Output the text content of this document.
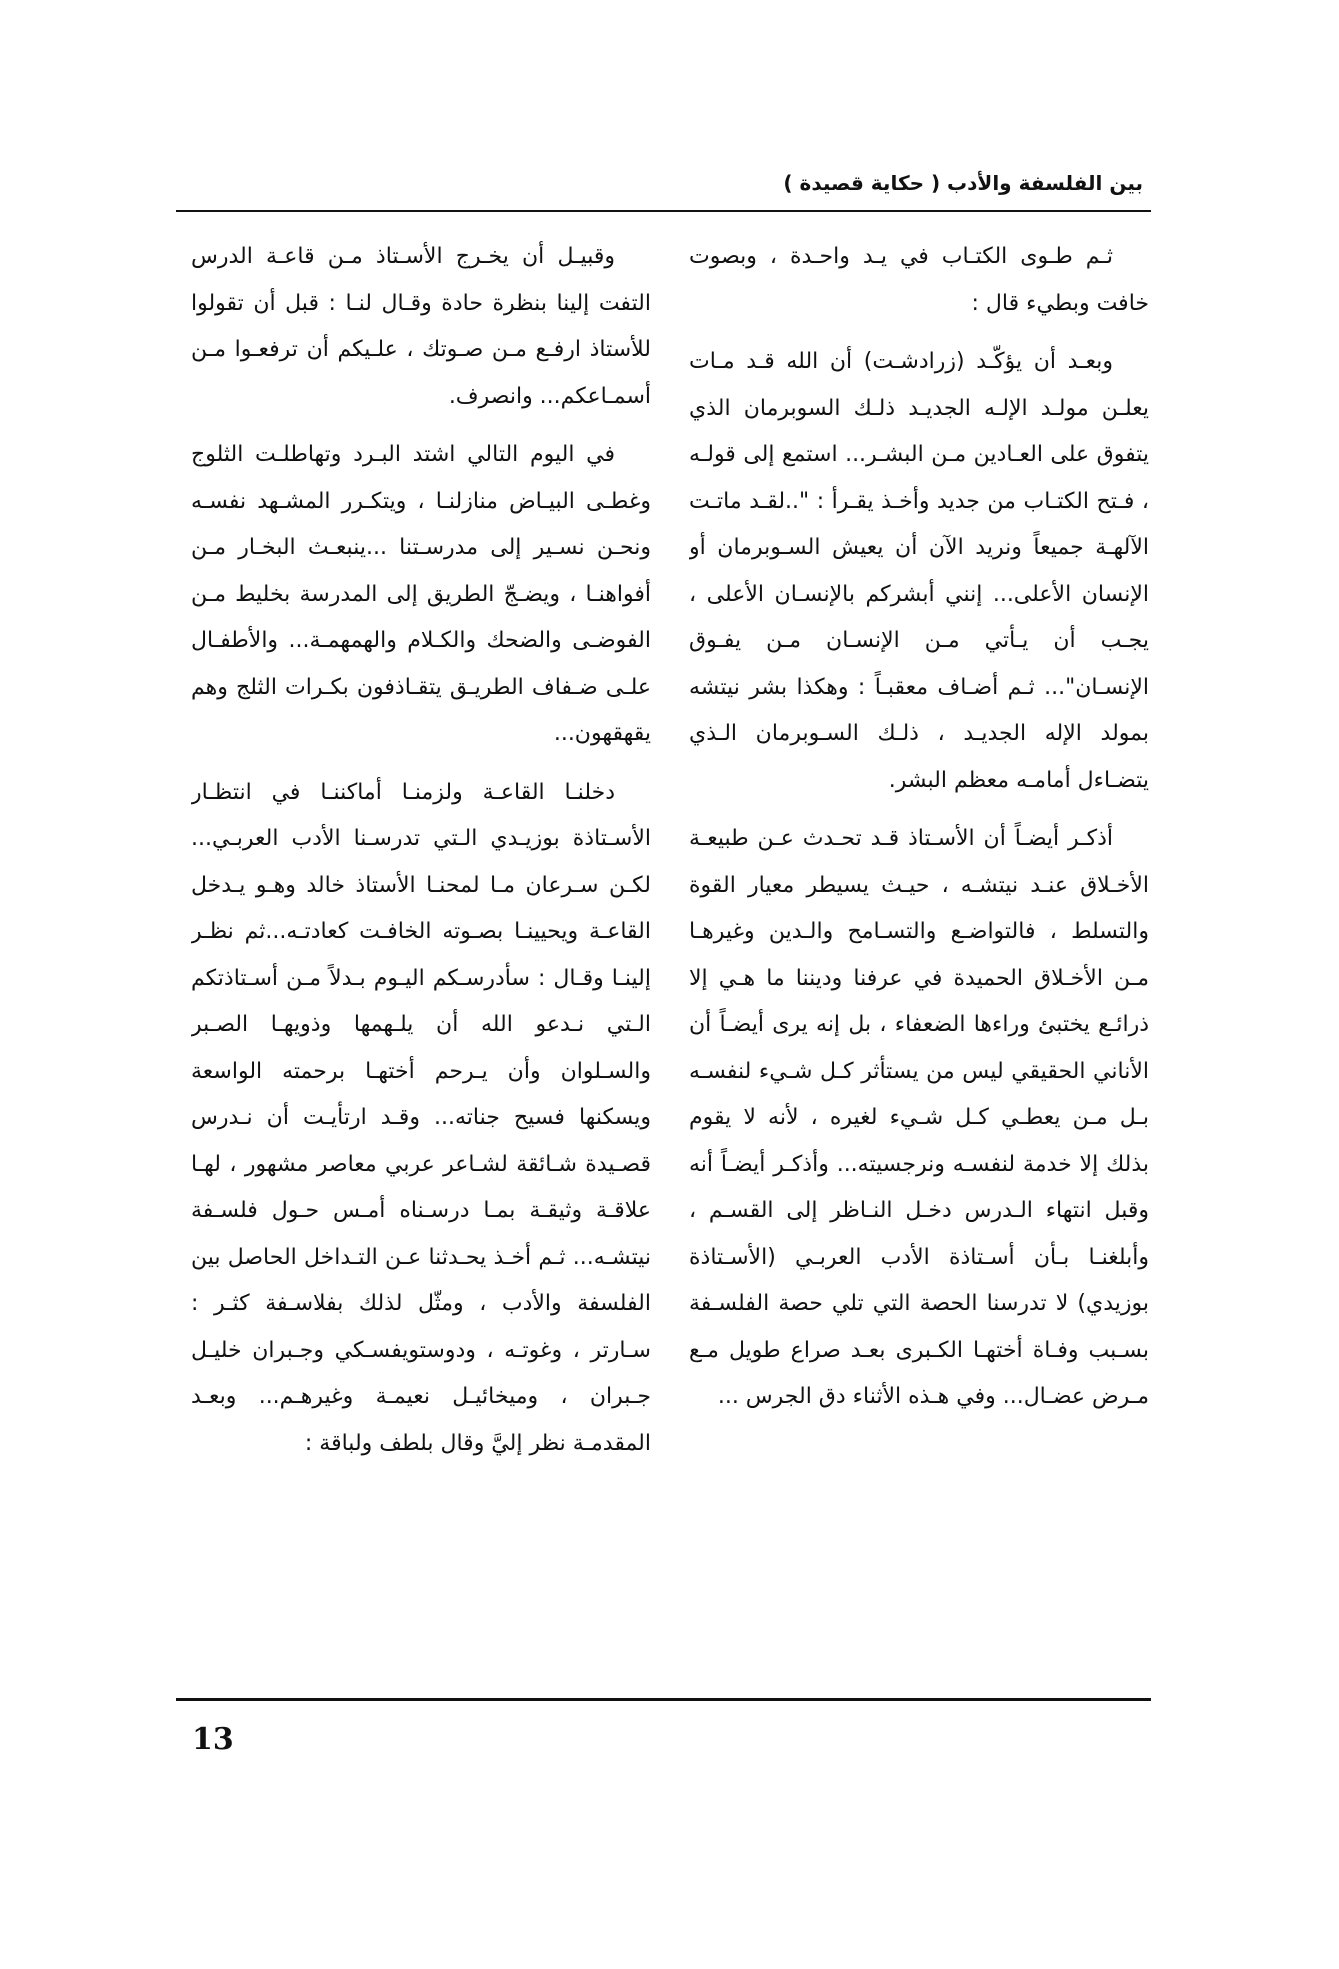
بين الفلسفة والأدب ( حكاية قصيدة )

ثـم طـوى الكتـاب في يـد واحـدة ، وبصوت خافت وبطيء قال :

وبعـد أن يؤكّـد (زرادشـت) أن الله قـد مـات يعلـن مولـد الإلـه الجديـد ذلـك السوبرمان الذي يتفوق على العـادين مـن البشـر... استمع إلى قولـه ، فـتح الكتـاب من جديد وأخـذ يقـرأ : "..لقـد ماتـت الآلهـة جميعاً ونريد الآن أن يعيش السـوبرمان أو الإنسان الأعلى... إنني أبشركم بالإنسـان الأعلى ، يجـب أن يـأتي مـن الإنسـان مـن يفـوق الإنسـان"... ثـم أضـاف معقبـاً : وهكذا بشر نيتشه بمولد الإله الجديـد ، ذلـك السـوبرمان الـذي يتضـاءل أمامـه معظم البشر.

أذكـر أيضـاً أن الأسـتاذ قـد تحـدث عـن طبيعـة الأخـلاق عنـد نيتشـه ، حيـث يسيطر معيار القوة والتسلط ، فالتواضـع والتسـامح والـدين وغيرهـا مـن الأخـلاق الحميدة في عرفنا وديننا ما هـي إلا ذرائـع يختبئ وراءها الضعفاء ، بل إنه يرى أيضـاً أن الأناني الحقيقي ليس من يستأثر كـل شـيء لنفسـه بـل مـن يعطـي كـل شـيء لغيره ، لأنه لا يقوم بذلك إلا خدمة لنفسـه ونرجسيته... وأذكـر أيضـاً أنه وقبل انتهاء الـدرس دخـل النـاظر إلى القسـم ، وأبلغنـا بـأن أسـتاذة الأدب العربـي (الأسـتاذة بوزيدي) لا تدرسنا الحصة التي تلي حصة الفلسـفة بسـبب وفـاة أختهـا الكـبرى بعـد صراع طويل مـع مـرض عضـال... وفي هـذه الأثناء دق الجرس ...

وقبيـل أن يخـرج الأسـتاذ مـن قاعـة الدرس التفت إلينا بنظرة حادة وقـال لنـا : قبل أن تقولوا للأستاذ ارفـع مـن صـوتك ، علـيكم أن ترفعـوا مـن أسمـاعكم... وانصرف.

في اليوم التالي اشتد البـرد وتهاطلـت الثلوج وغطـى البيـاض منازلنـا ، ويتكـرر المشـهد نفسـه ونحـن نسـير إلى مدرسـتنا ...ينبعـث البخـار مـن أفواهنـا ، ويضـجّ الطريق إلى المدرسة بخليط مـن الفوضـى والضحك والكـلام والهمهمـة... والأطفـال علـى ضـفاف الطريـق يتقـاذفون بكـرات الثلج وهم يقهقهون...

دخلنـا القاعـة ولزمنـا أماكننـا في انتظـار الأسـتاذة بوزيـدي الـتي تدرسـنا الأدب العربـي... لكـن سـرعان مـا لمحنـا الأستاذ خالد وهـو يـدخل القاعـة ويحيينـا بصـوته الخافـت كعادتـه...ثم نظـر إلينـا وقـال : سأدرسـكم اليـوم بـدلاً مـن أسـتاذتكم الـتي نـدعو الله أن يلـهمها وذويهـا الصـبر والسـلوان وأن يـرحم أختهـا برحمته الواسعة ويسكنها فسيح جناته... وقـد ارتأيـت أن نـدرس قصـيدة شـائقة لشـاعر عربي معاصر مشهور ، لهـا علاقـة وثيقـة بمـا درسـناه أمـس حـول فلسـفة نيتشـه... ثـم أخـذ يحـدثنا عـن التـداخل الحاصل بين الفلسفة والأدب ، ومثّل لذلك بفلاسـفة كثـر : سـارتر ، وغوتـه ، ودوستويفسـكي وجـبران خليـل جـبران ، وميخائيـل نعيمـة وغيرهـم... وبعـد المقدمـة نظر إليَّ وقال بلطف ولباقة :

13
